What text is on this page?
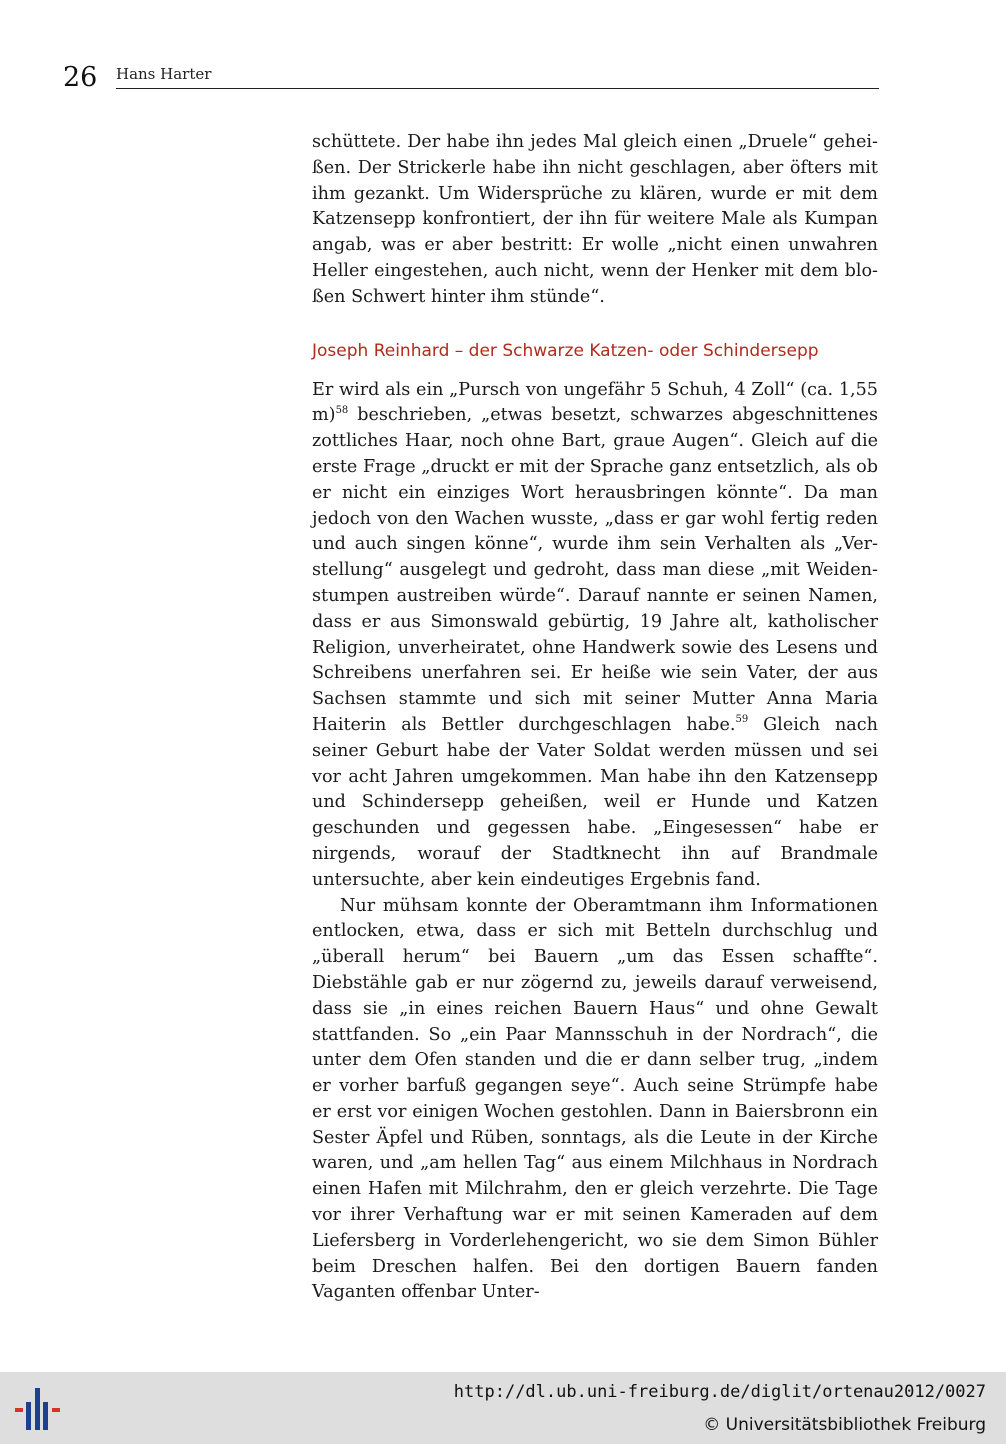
26 Hans Harter

schüttete. Der habe ihn jedes Mal gleich einen „Druele“ geheißen. Der Strickerle habe ihn nicht geschlagen, aber öfters mit ihm gezankt. Um Widersprüche zu klären, wurde er mit dem Katzensepp konfrontiert, der ihn für weitere Male als Kumpan angab, was er aber bestritt: Er wolle „nicht einen unwahren Heller eingestehen, auch nicht, wenn der Henker mit dem bloßen Schwert hinter ihm stünde“.

Joseph Reinhard – der Schwarze Katzen- oder Schindersepp

Er wird als ein „Pursch von ungefähr 5 Schuh, 4 Zoll“ (ca. 1,55 m)$^{58}$ beschrieben, „etwas besetzt, schwarzes abgeschnittenes zottliches Haar, noch ohne Bart, graue Augen“. Gleich auf die erste Frage „druckt er mit der Sprache ganz entsetzlich, als ob er nicht ein einziges Wort herausbringen könnte“. Da man jedoch von den Wachen wusste, „dass er gar wohl fertig reden und auch singen könne“, wurde ihm sein Verhalten als „Verstellung“ ausgelegt und gedroht, dass man diese „mit Weidenstumpen austreiben würde“. Darauf nannte er seinen Namen, dass er aus Simonswald gebürtig, 19 Jahre alt, katholischer Religion, unverheiratet, ohne Handwerk sowie des Lesens und Schreibens unerfahren sei. Er heiße wie sein Vater, der aus Sachsen stammte und sich mit seiner Mutter Anna Maria Haiterin als Bettler durchgeschlagen habe.$^{59}$ Gleich nach seiner Geburt habe der Vater Soldat werden müssen und sei vor acht Jahren umgekommen. Man habe ihn den Katzensepp und Schindersepp geheißen, weil er Hunde und Katzen geschunden und gegessen habe. „Eingesessen“ habe er nirgends, worauf der Stadtknecht ihn auf Brandmale untersuchte, aber kein eindeutiges Ergebnis fand.

Nur mühsam konnte der Oberamtmann ihm Informationen entlocken, etwa, dass er sich mit Betteln durchschlug und „überall herum“ bei Bauern „um das Essen schaffte“. Diebstähle gab er nur zögernd zu, jeweils darauf verweisend, dass sie „in eines reichen Bauern Haus“ und ohne Gewalt stattfanden. So „ein Paar Mannsschuh in der Nordrach“, die unter dem Ofen standen und die er dann selber trug, „indem er vorher barfuß gegangen seye“. Auch seine Strümpfe habe er erst vor einigen Wochen gestohlen. Dann in Baiersbronn ein Sester Äpfel und Rüben, sonntags, als die Leute in der Kirche waren, und „am hellen Tag“ aus einem Milchhaus in Nordrach einen Hafen mit Milchrahm, den er gleich verzehrte. Die Tage vor ihrer Verhaftung war er mit seinen Kameraden auf dem Liefersberg in Vorderlehengericht, wo sie dem Simon Bühler beim Dreschen halfen. Bei den dortigen Bauern fanden Vaganten offenbar Unter-

http://dl.ub.uni-freiburg.de/diglit/ortenau2012/0027
© Universitätsbibliothek Freiburg
